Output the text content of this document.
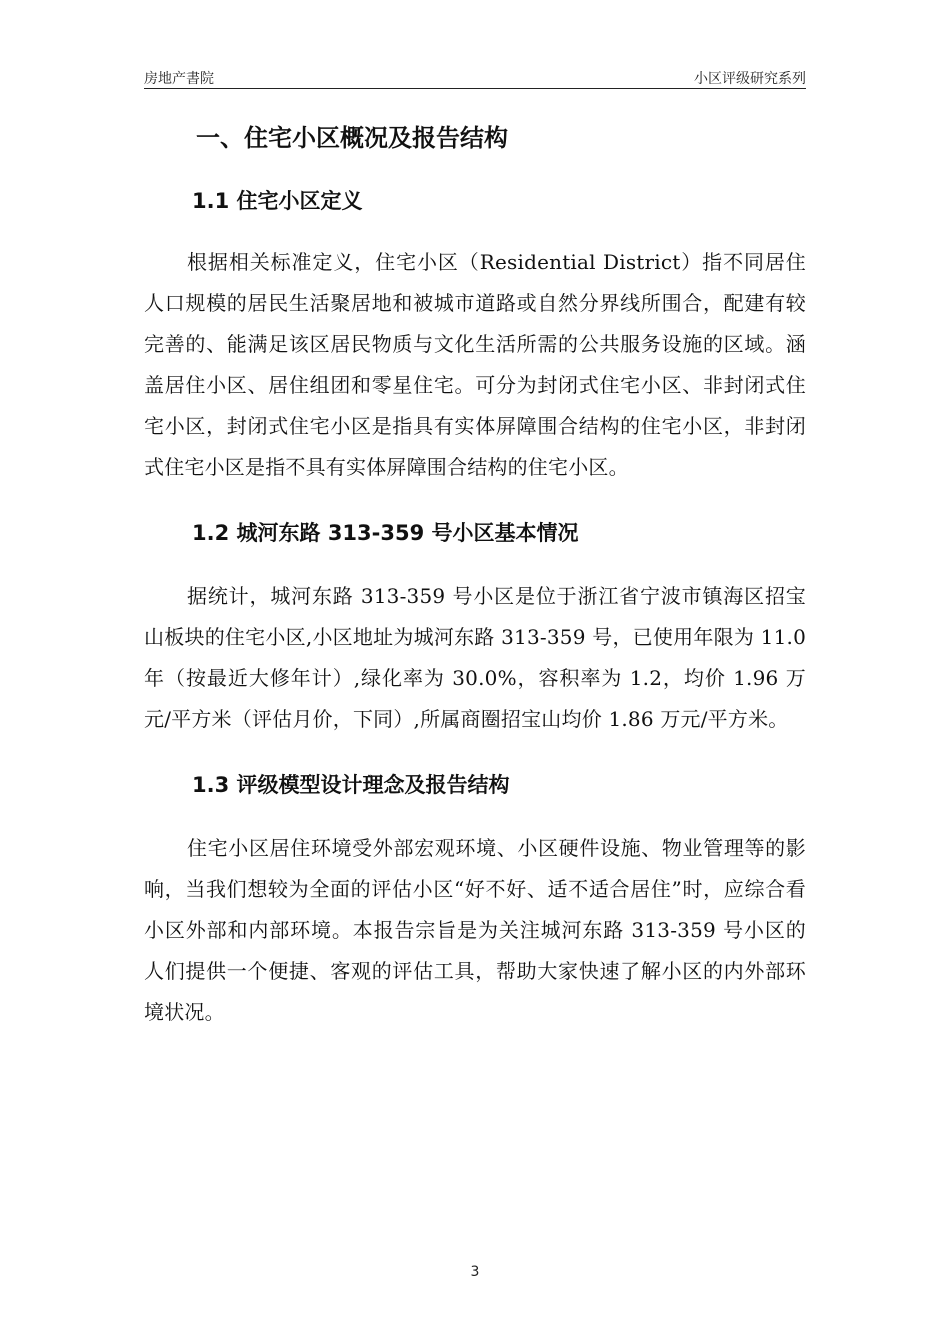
房地产書院	小区评级研究系列
一、住宅小区概况及报告结构
1.1 住宅小区定义

根据相关标准定义，住宅小区（Residential District）指不同居住人口规模的居民生活聚居地和被城市道路或自然分界线所围合，配建有较完善的、能满足该区居民物质与文化生活所需的公共服务设施的区域。涵盖居住小区、居住组团和零星住宅。可分为封闭式住宅小区、非封闭式住宅小区，封闭式住宅小区是指具有实体屏障围合结构的住宅小区，非封闭式住宅小区是指不具有实体屏障围合结构的住宅小区。

1.2 城河东路 313-359 号小区基本情况

据统计，城河东路 313-359 号小区是位于浙江省宁波市镇海区招宝山板块的住宅小区,小区地址为城河东路 313-359 号，已使用年限为 11.0 年（按最近大修年计）,绿化率为 30.0%，容积率为 1.2，均价 1.96 万元/平方米（评估月价，下同）,所属商圈招宝山均价 1.86 万元/平方米。

1.3 评级模型设计理念及报告结构

住宅小区居住环境受外部宏观环境、小区硬件设施、物业管理等的影响，当我们想较为全面的评估小区“好不好、适不适合居住”时，应综合看小区外部和内部环境。本报告宗旨是为关注城河东路 313-359 号小区的人们提供一个便捷、客观的评估工具，帮助大家快速了解小区的内外部环境状况。

3
